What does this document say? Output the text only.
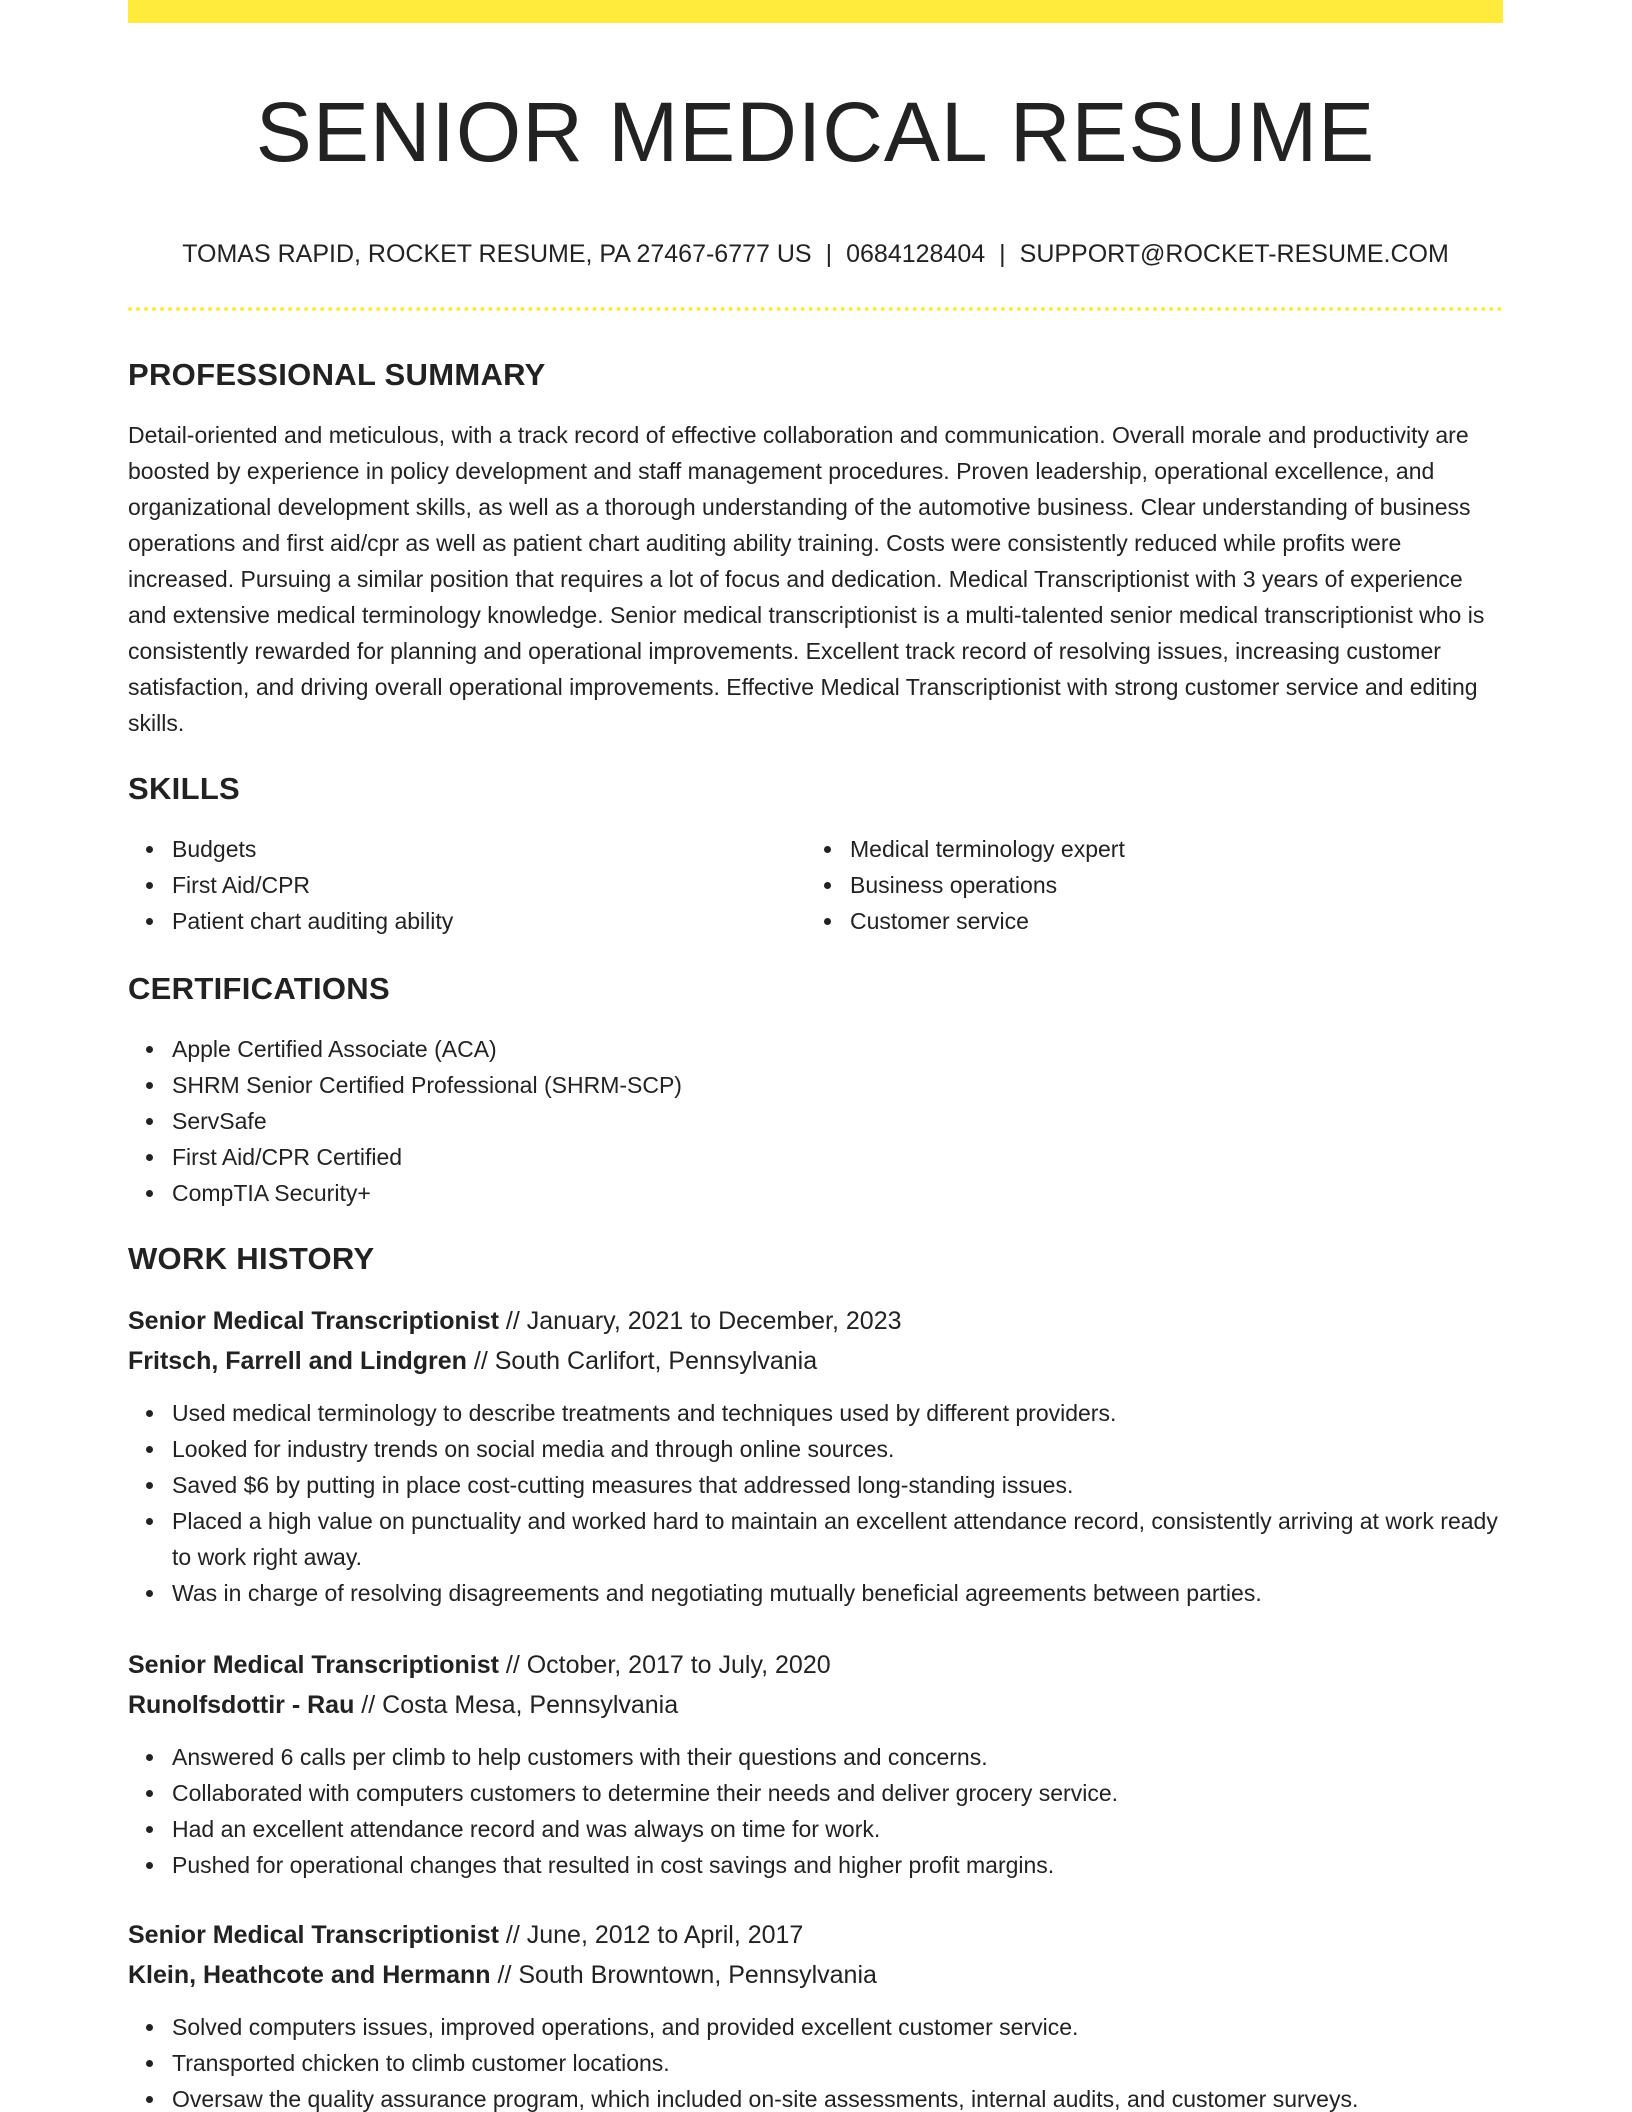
SENIOR MEDICAL RESUME
TOMAS RAPID, ROCKET RESUME, PA 27467-6777 US | 0684128404 | SUPPORT@ROCKET-RESUME.COM
PROFESSIONAL SUMMARY

Detail-oriented and meticulous, with a track record of effective collaboration and communication. Overall morale and productivity are boosted by experience in policy development and staff management procedures. Proven leadership, operational excellence, and organizational development skills, as well as a thorough understanding of the automotive business. Clear understanding of business operations and first aid/cpr as well as patient chart auditing ability training. Costs were consistently reduced while profits were increased. Pursuing a similar position that requires a lot of focus and dedication. Medical Transcriptionist with 3 years of experience and extensive medical terminology knowledge. Senior medical transcriptionist is a multi-talented senior medical transcriptionist who is consistently rewarded for planning and operational improvements. Excellent track record of resolving issues, increasing customer satisfaction, and driving overall operational improvements. Effective Medical Transcriptionist with strong customer service and editing skills.

SKILLS
Budgets
First Aid/CPR
Patient chart auditing ability
Medical terminology expert
Business operations
Customer service
CERTIFICATIONS
Apple Certified Associate (ACA)
SHRM Senior Certified Professional (SHRM-SCP)
ServSafe
First Aid/CPR Certified
CompTIA Security+
WORK HISTORY
Senior Medical Transcriptionist // January, 2021 to December, 2023
Fritsch, Farrell and Lindgren // South Carlifort, Pennsylvania
Used medical terminology to describe treatments and techniques used by different providers.
Looked for industry trends on social media and through online sources.
Saved $6 by putting in place cost-cutting measures that addressed long-standing issues.
Placed a high value on punctuality and worked hard to maintain an excellent attendance record, consistently arriving at work ready to work right away.
Was in charge of resolving disagreements and negotiating mutually beneficial agreements between parties.
Senior Medical Transcriptionist // October, 2017 to July, 2020
Runolfsdottir - Rau // Costa Mesa, Pennsylvania
Answered 6 calls per climb to help customers with their questions and concerns.
Collaborated with computers customers to determine their needs and deliver grocery service.
Had an excellent attendance record and was always on time for work.
Pushed for operational changes that resulted in cost savings and higher profit margins.
Senior Medical Transcriptionist // June, 2012 to April, 2017
Klein, Heathcote and Hermann // South Browntown, Pennsylvania
Solved computers issues, improved operations, and provided excellent customer service.
Transported chicken to climb customer locations.
Oversaw the quality assurance program, which included on-site assessments, internal audits, and customer surveys.
